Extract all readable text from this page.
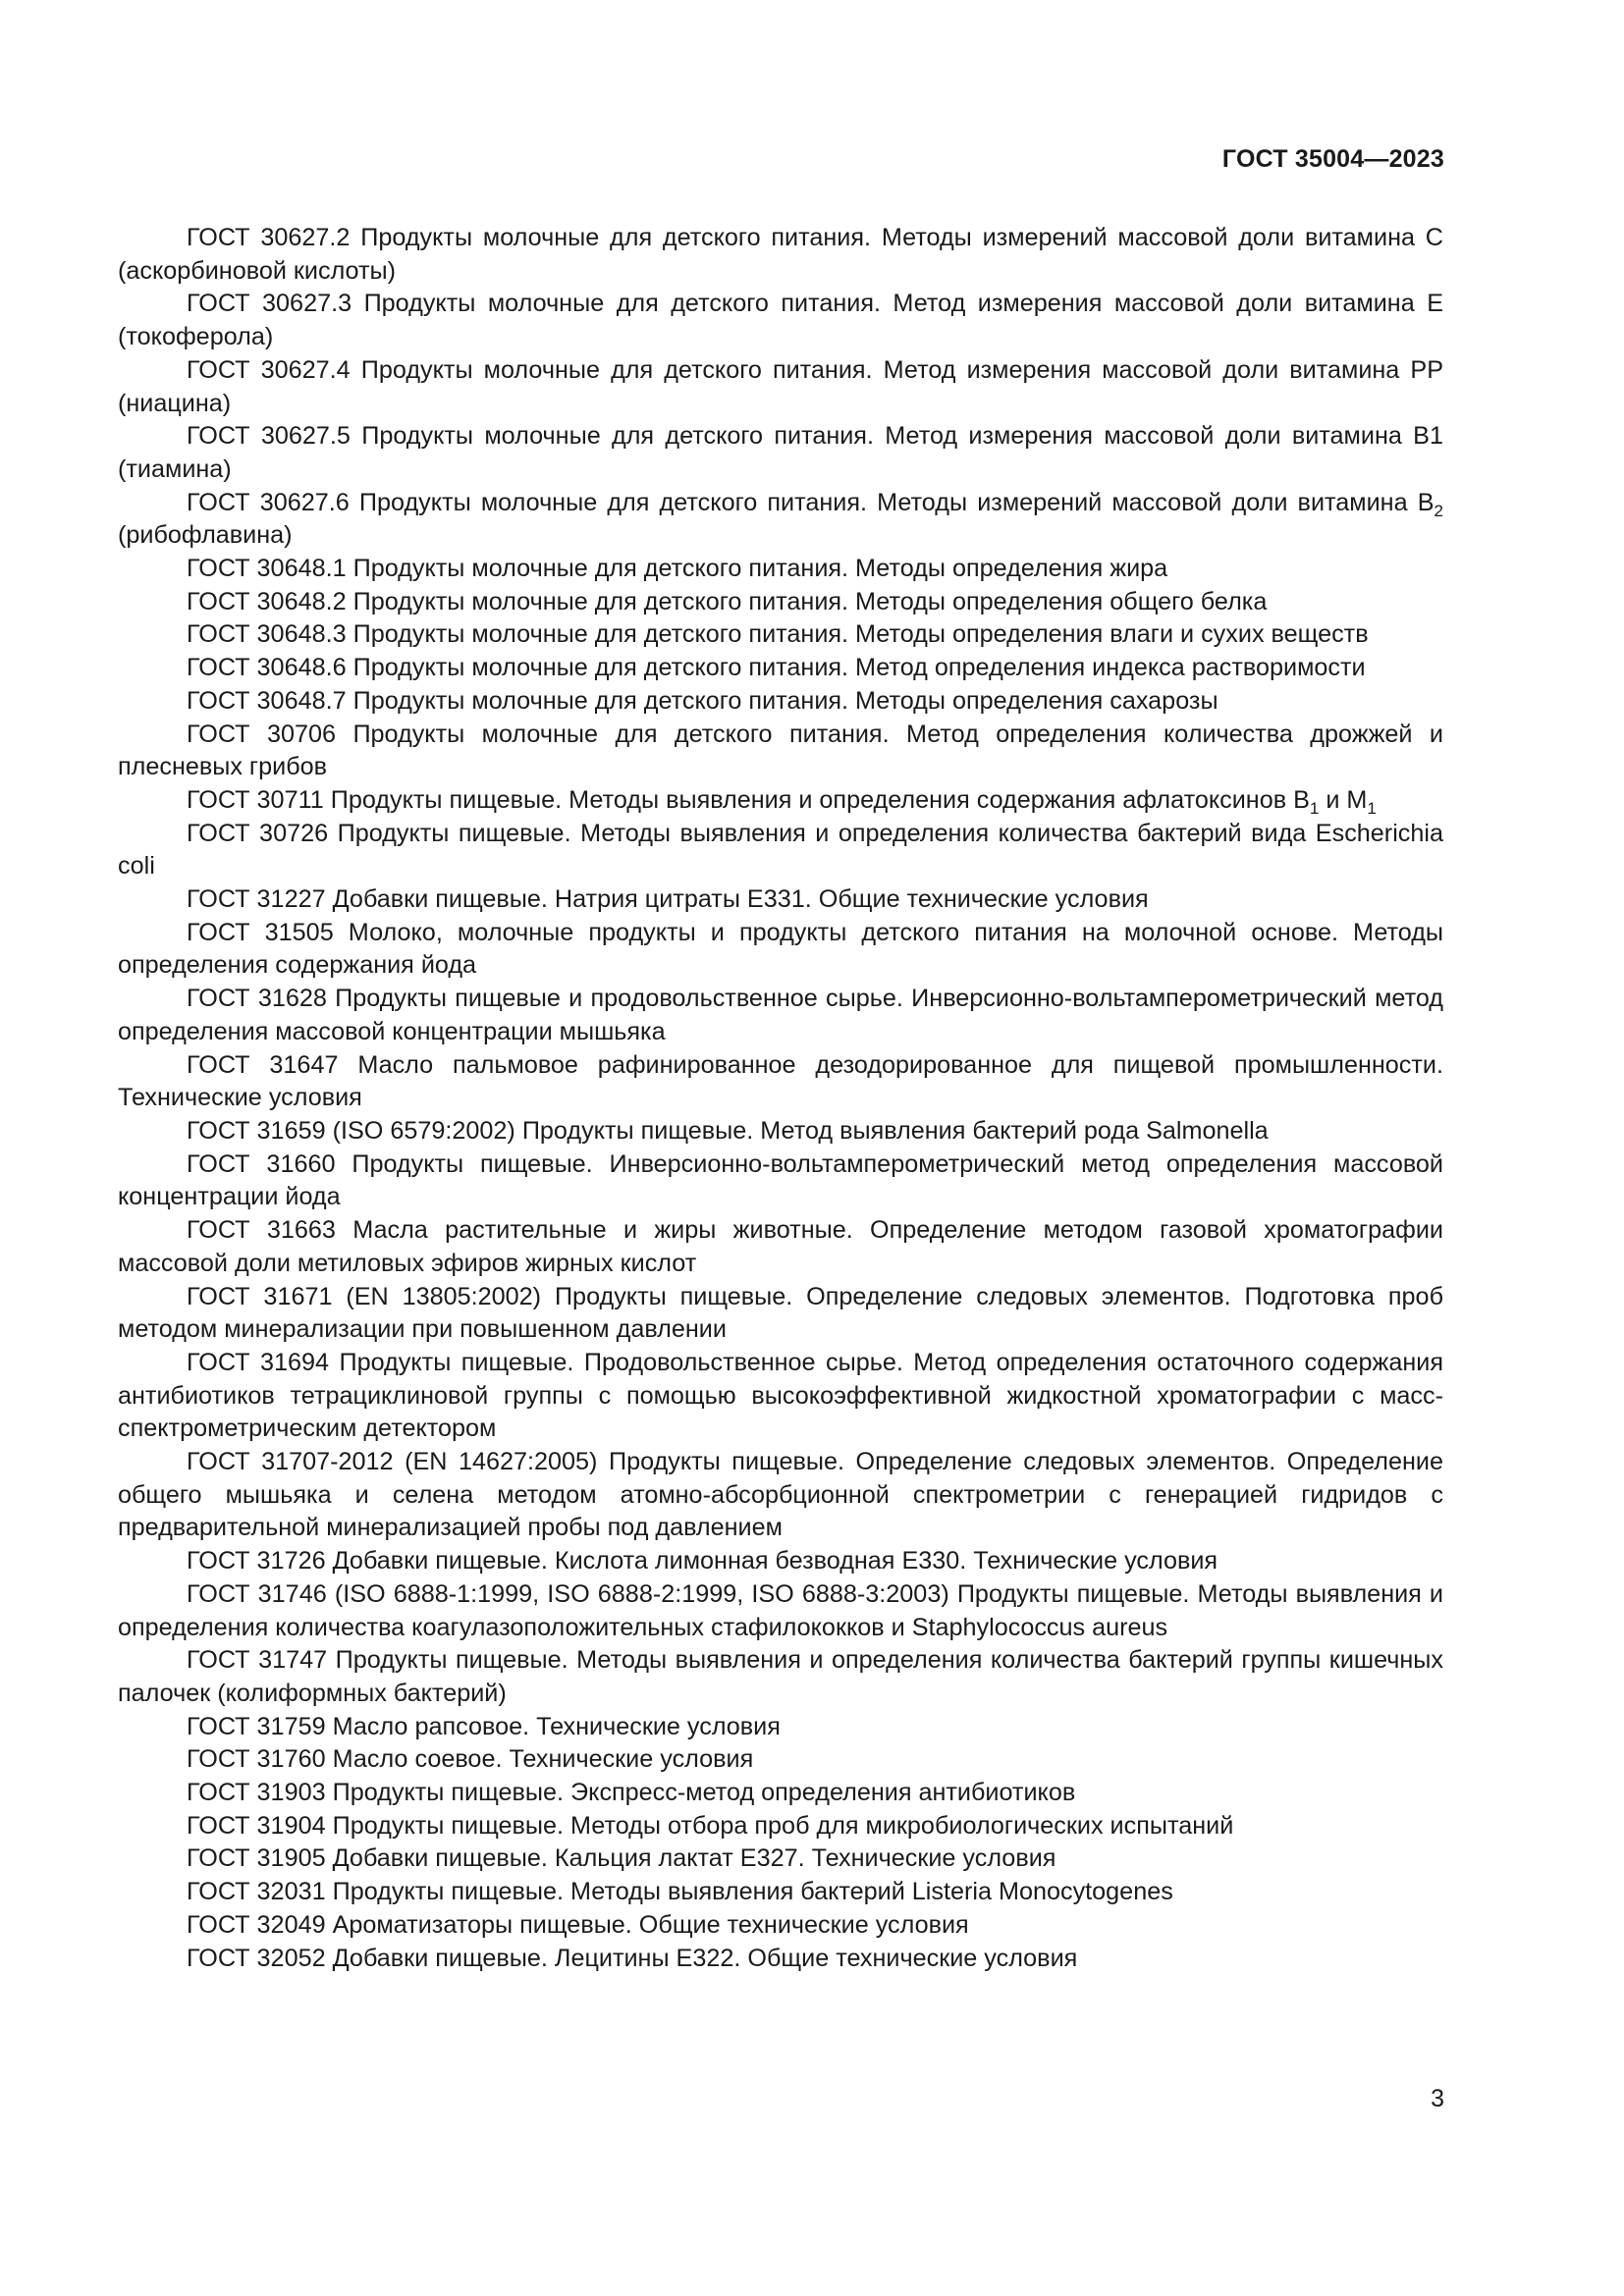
ГОСТ 35004—2023

ГОСТ 30627.2 Продукты молочные для детского питания. Методы измерений массовой доли витамина С (аскорбиновой кислоты)

ГОСТ 30627.3 Продукты молочные для детского питания. Метод измерения массовой доли витамина Е (токоферола)

ГОСТ 30627.4 Продукты молочные для детского питания. Метод измерения массовой доли витамина РР (ниацина)

ГОСТ 30627.5 Продукты молочные для детского питания. Метод измерения массовой доли витамина В1 (тиамина)

ГОСТ 30627.6 Продукты молочные для детского питания. Методы измерений массовой доли витамина $В_2$ (рибофлавина)

ГОСТ 30648.1 Продукты молочные для детского питания. Методы определения жира

ГОСТ 30648.2 Продукты молочные для детского питания. Методы определения общего белка

ГОСТ 30648.3 Продукты молочные для детского питания. Методы определения влаги и сухих веществ

ГОСТ 30648.6 Продукты молочные для детского питания. Метод определения индекса растворимости

ГОСТ 30648.7 Продукты молочные для детского питания. Методы определения сахарозы

ГОСТ 30706 Продукты молочные для детского питания. Метод определения количества дрожжей и плесневых грибов

ГОСТ 30711 Продукты пищевые. Методы выявления и определения содержания афлатоксинов $В_1$ и $М_1$

ГОСТ 30726 Продукты пищевые. Методы выявления и определения количества бактерий вида Escherichia coli

ГОСТ 31227 Добавки пищевые. Натрия цитраты Е331. Общие технические условия

ГОСТ 31505 Молоко, молочные продукты и продукты детского питания на молочной основе. Методы определения содержания йода

ГОСТ 31628 Продукты пищевые и продовольственное сырье. Инверсионно-вольтамперометрический метод определения массовой концентрации мышьяка

ГОСТ 31647 Масло пальмовое рафинированное дезодорированное для пищевой промышленности. Технические условия

ГОСТ 31659 (ISO 6579:2002) Продукты пищевые. Метод выявления бактерий рода Salmonella

ГОСТ 31660 Продукты пищевые. Инверсионно-вольтамперометрический метод определения массовой концентрации йода

ГОСТ 31663 Масла растительные и жиры животные. Определение методом газовой хроматографии массовой доли метиловых эфиров жирных кислот

ГОСТ 31671 (EN 13805:2002) Продукты пищевые. Определение следовых элементов. Подготовка проб методом минерализации при повышенном давлении

ГОСТ 31694 Продукты пищевые. Продовольственное сырье. Метод определения остаточного содержания антибиотиков тетрациклиновой группы с помощью высокоэффективной жидкостной хроматографии с масс-спектрометрическим детектором

ГОСТ 31707-2012 (EN 14627:2005) Продукты пищевые. Определение следовых элементов. Определение общего мышьяка и селена методом атомно-абсорбционной спектрометрии с генерацией гидридов с предварительной минерализацией пробы под давлением

ГОСТ 31726 Добавки пищевые. Кислота лимонная безводная Е330. Технические условия

ГОСТ 31746 (ISO 6888-1:1999, ISO 6888-2:1999, ISO 6888-3:2003) Продукты пищевые. Методы выявления и определения количества коагулазоположительных стафилококков и Staphylococcus aureus

ГОСТ 31747 Продукты пищевые. Методы выявления и определения количества бактерий группы кишечных палочек (колиформных бактерий)

ГОСТ 31759 Масло рапсовое. Технические условия

ГОСТ 31760 Масло соевое. Технические условия

ГОСТ 31903 Продукты пищевые. Экспресс-метод определения антибиотиков

ГОСТ 31904 Продукты пищевые. Методы отбора проб для микробиологических испытаний

ГОСТ 31905 Добавки пищевые. Кальция лактат Е327. Технические условия

ГОСТ 32031 Продукты пищевые. Методы выявления бактерий Listeria Monocytogenes

ГОСТ 32049 Ароматизаторы пищевые. Общие технические условия

ГОСТ 32052 Добавки пищевые. Лецитины Е322. Общие технические условия

3
